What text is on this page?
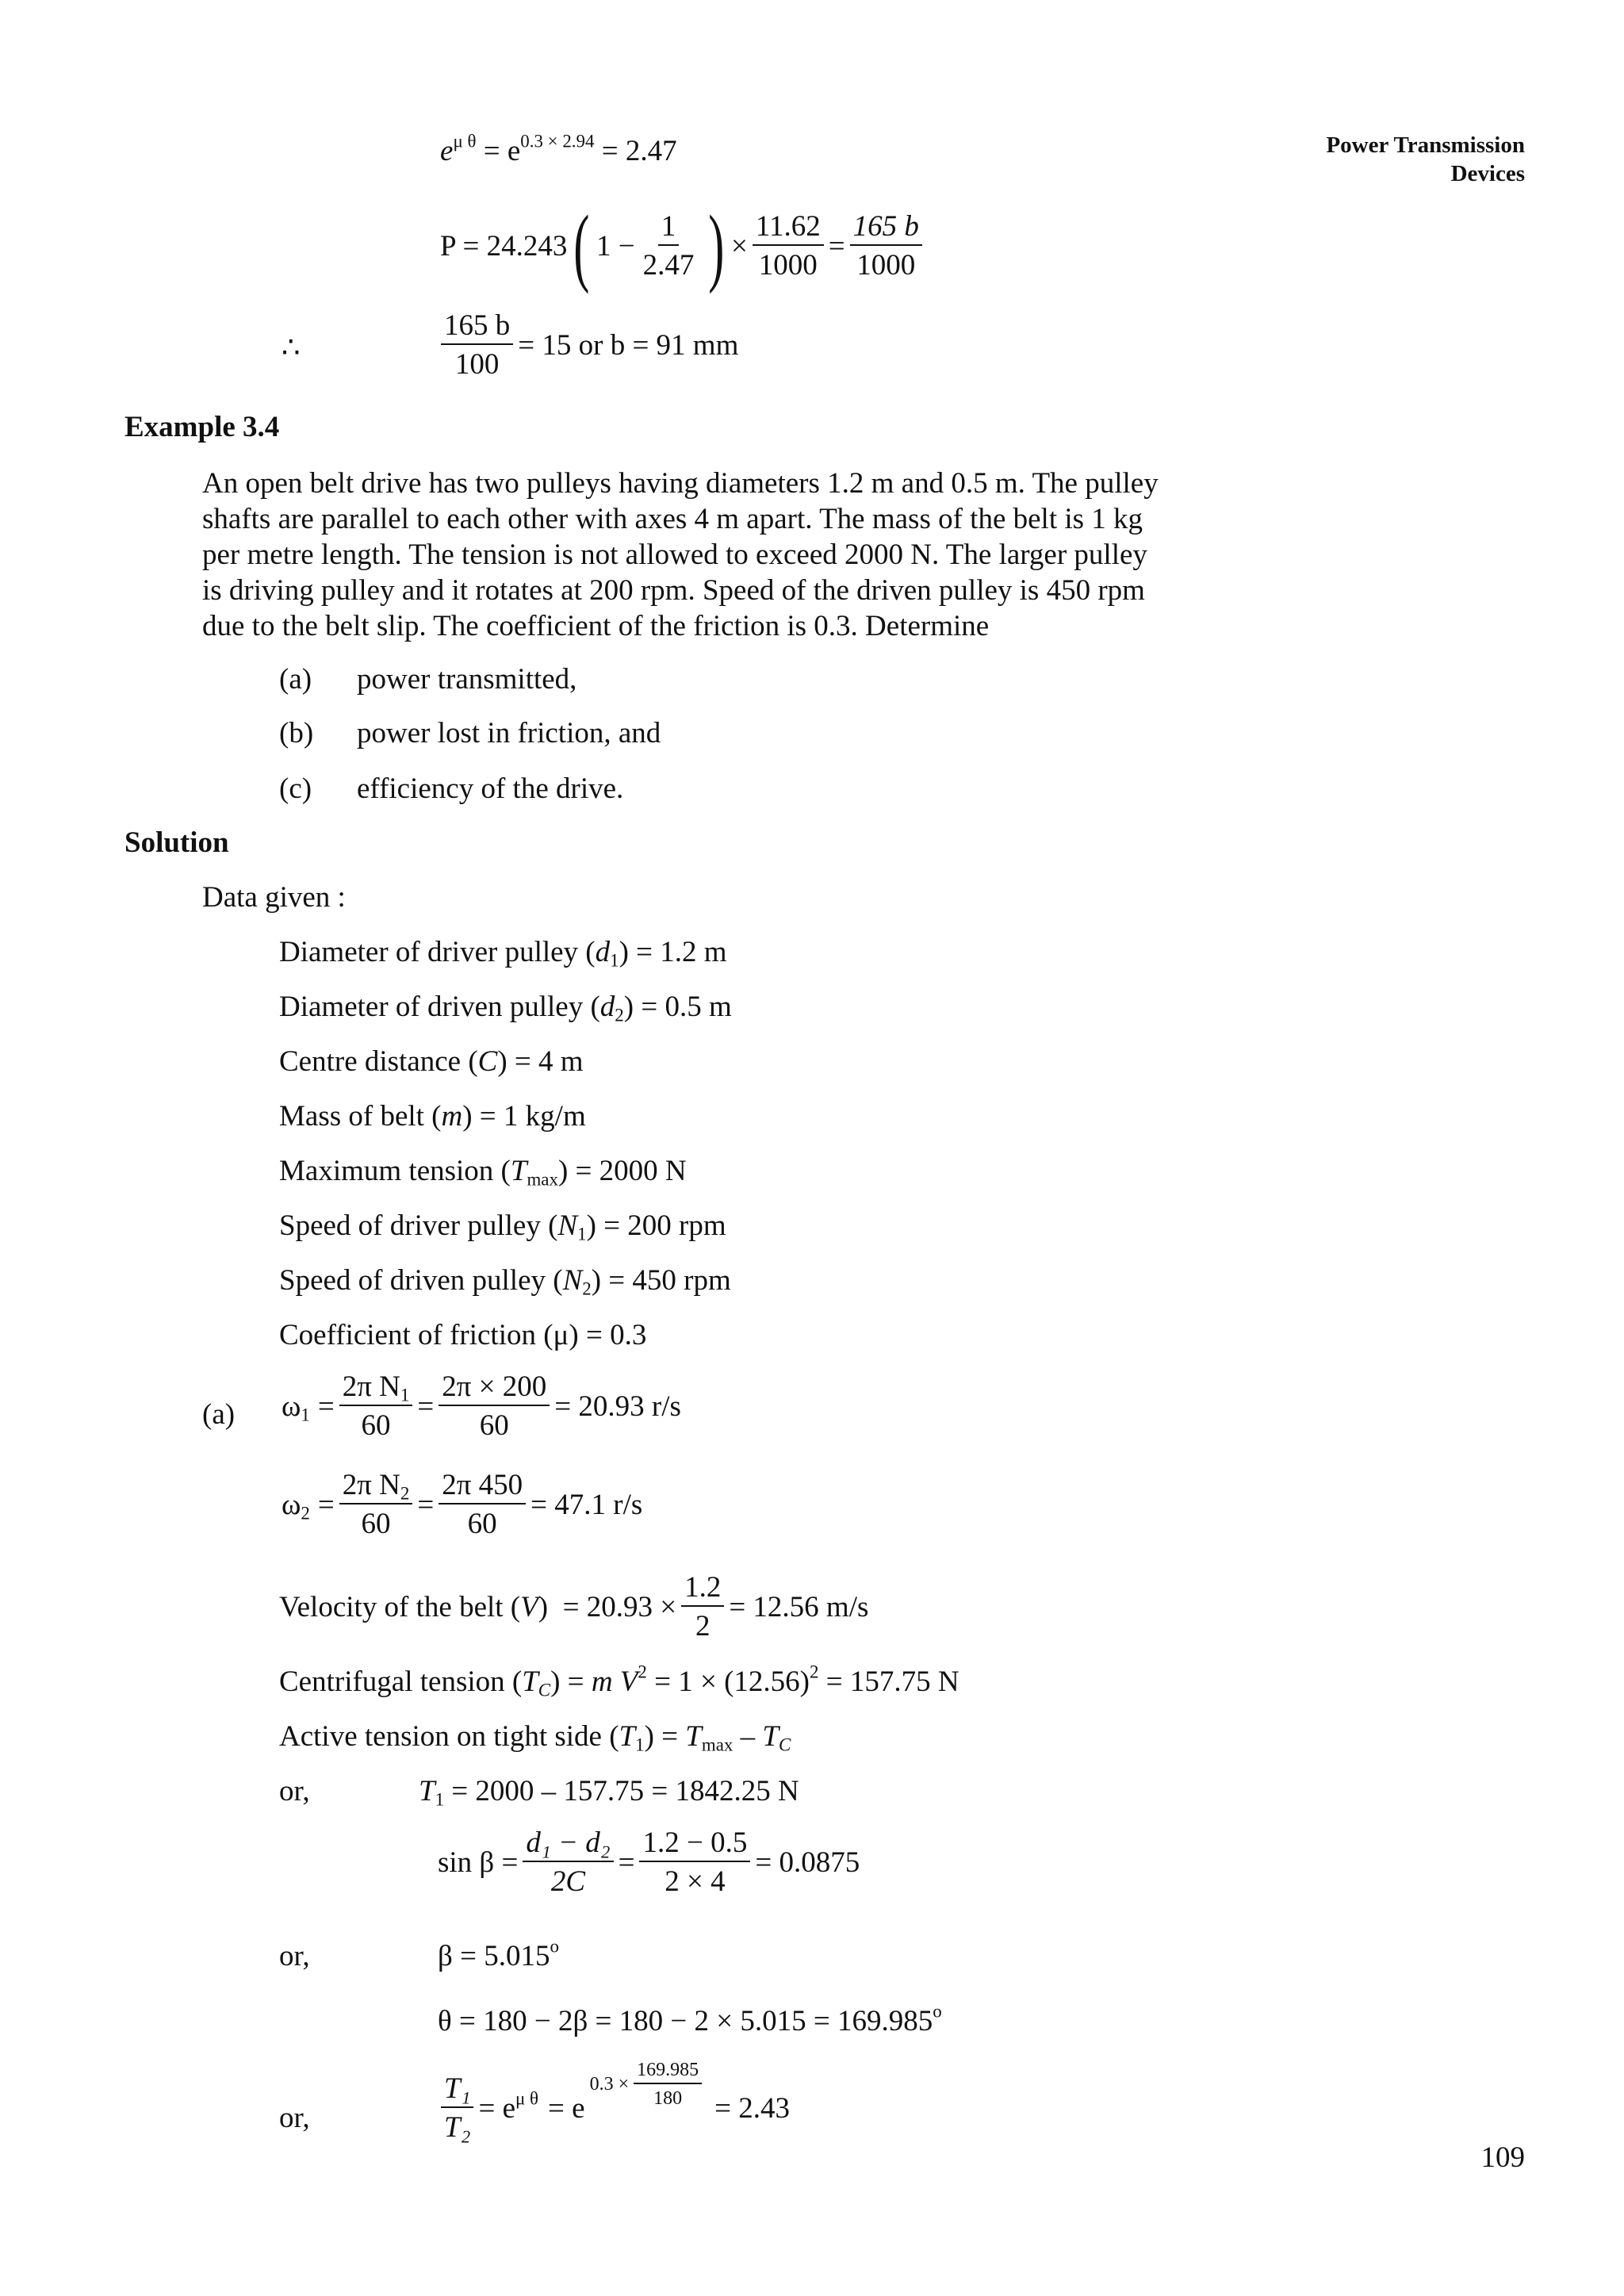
Power Transmission
Devices
$e^{\mu \theta} = e^{0.3 \times 2.94} = 2.47$
P = 24.243 ( $1 - \frac{1}{2.47}$ ) × $\frac{11.62}{1000} = \frac{165 b}{1000}$
∴	$\frac{165 b}{100} = 15$ or b = 91 mm
Example 3.4
An open belt drive has two pulleys having diameters 1.2 m and 0.5 m. The pulley
shafts are parallel to each other with axes 4 m apart. The mass of the belt is 1 kg
per metre length. The tension is not allowed to exceed 2000 N. The larger pulley
is driving pulley and it rotates at 200 rpm. Speed of the driven pulley is 450 rpm
due to the belt slip. The coefficient of the friction is 0.3. Determine
(a) power transmitted,
(b) power lost in friction, and
(c) efficiency of the drive.
Solution
Data given :
Diameter of driver pulley $(d_1) = 1.2$ m
Diameter of driven pulley $(d_2) = 0.5$ m
Centre distance (C) = 4 m
Mass of belt (m) = 1 kg/m
Maximum tension $(T_{max}) = 2000$ N
Speed of driver pulley $(N_1) = 200$ rpm
Speed of driven pulley $(N_2) = 450$ rpm
Coefficient of friction (μ) = 0.3
(a) $\omega_1 = \frac{2\pi N_1}{60} = \frac{2\pi \times 200}{60} = 20.93$ r/s
$\omega_2 = \frac{2\pi N_2}{60} = \frac{2\pi 450}{60} = 47.1$ r/s
Velocity of the belt ( V )  = $20.93 \times \frac{1.2}{2} = 12.56$ m/s
Centrifugal tension $(T_C) = m$ $V^2 = 1 \times (12.56)^2 = 157.75$ N
Active tension on tight side $(T_1) = T_{max} - T_C$
or,	$T_1 = 2000 - 157.75 = 1842.25$ N
$\sin \beta = \frac{\text{d₁ − d₂}}{2C} = \frac{1.2 - 0.5}{2 \times 4} = 0.0875$
or,	$\beta = 5.015^o$
$\theta = 180 - 2\beta = 180 - 2 \times 5.015 = 169.985^o$
or,	$\frac{\text{T₁}}{\text{T₂}} = e^{\mu \theta} = e$
$0.3 \times \frac{169.985}{180} = 2.43$
109
